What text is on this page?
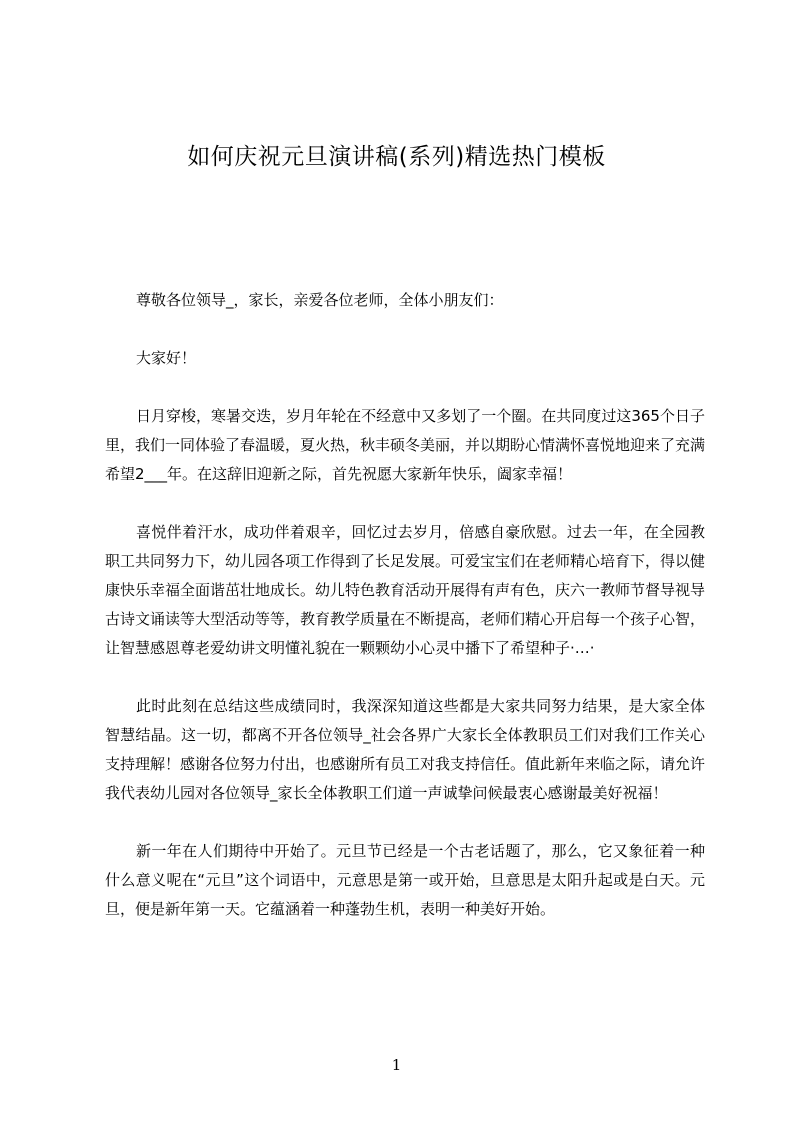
如何庆祝元旦演讲稿(系列)精选热门模板

尊敬各位领导_，家长，亲爱各位老师，全体小朋友们：

大家好！

日月穿梭，寒暑交迭，岁月年轮在不经意中又多划了一个圈。在共同度过这365个日子里，我们一同体验了春温暖，夏火热，秋丰硕冬美丽，并以期盼心情满怀喜悦地迎来了充满希望2___年。在这辞旧迎新之际，首先祝愿大家新年快乐，阖家幸福！

喜悦伴着汗水，成功伴着艰辛，回忆过去岁月，倍感自豪欣慰。过去一年，在全园教职工共同努力下，幼儿园各项工作得到了长足发展。可爱宝宝们在老师精心培育下，得以健康快乐幸福全面谐茁壮地成长。幼儿特色教育活动开展得有声有色，庆六一教师节督导视导古诗文诵读等大型活动等等，教育教学质量在不断提高，老师们精心开启每一个孩子心智，让智慧感恩尊老爱幼讲文明懂礼貌在一颗颗幼小心灵中播下了希望种子·…·

此时此刻在总结这些成绩同时，我深深知道这些都是大家共同努力结果，是大家全体智慧结晶。这一切，都离不开各位领导_社会各界广大家长全体教职员工们对我们工作关心支持理解！感谢各位努力付出，也感谢所有员工对我支持信任。值此新年来临之际，请允许我代表幼儿园对各位领导_家长全体教职工们道一声诚挚问候最衷心感谢最美好祝福！

新一年在人们期待中开始了。元旦节已经是一个古老话题了，那么，它又象征着一种什么意义呢在“元旦”这个词语中，元意思是第一或开始，旦意思是太阳升起或是白天。元旦，便是新年第一天。它蕴涵着一种蓬勃生机，表明一种美好开始。

1
